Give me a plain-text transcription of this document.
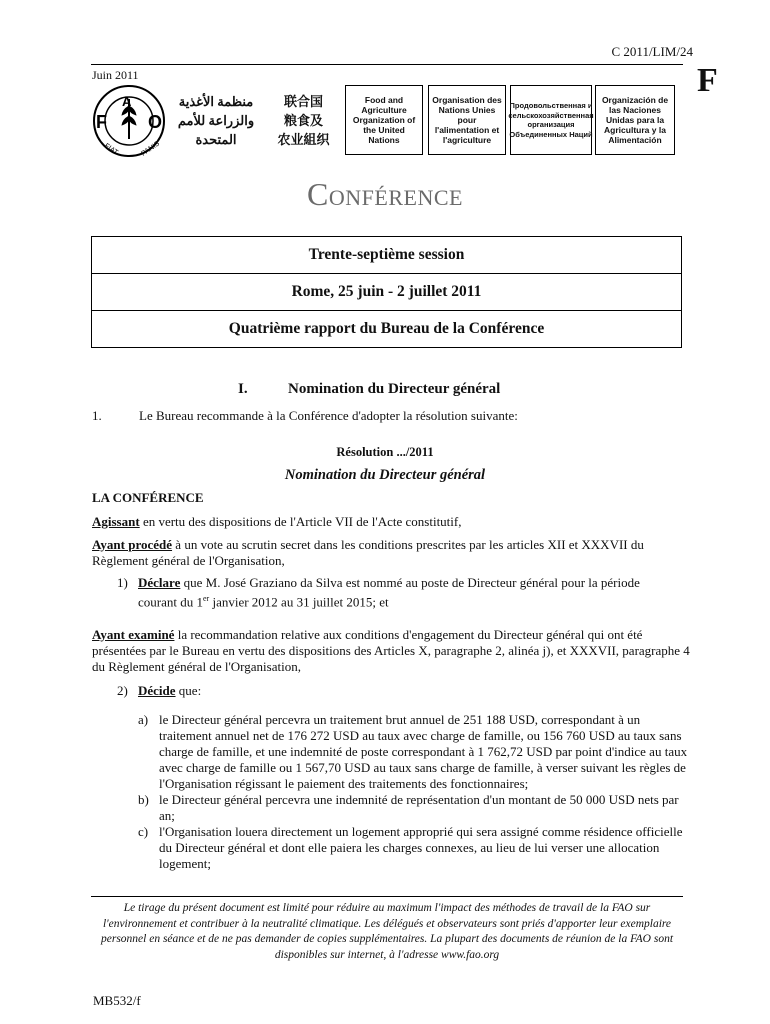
C 2011/LIM/24
Juin 2011	F
F
A
O
FIAT	PANIS
منظمة الأغذية
والزراعة للأمم
المتحدة
联合国
粮食及
农业組织
Food and Agriculture Organization of the United Nations
Organisation des Nations Unies pour l'alimentation et l'agriculture
Продовольственная и сельскохозяйственная организация Объединенных Наций
Organización de las Naciones Unidas para la Agricultura y la Alimentación
Conférence
Trente-septième session
Rome, 25 juin - 2 juillet 2011
Quatrième rapport du Bureau de la Conférence
I.	Nomination du Directeur général
1.	Le Bureau recommande à la Conférence d'adopter la résolution suivante:
Résolution .../2011
Nomination du Directeur général
LA CONFÉRENCE
Agissant en vertu des dispositions de l'Article VII de l'Acte constitutif,
Ayant procédé à un vote au scrutin secret dans les conditions prescrites par les articles XII et XXXVII du Règlement général de l'Organisation,
1) Déclare que M. José Graziano da Silva est nommé au poste de Directeur général pour la période courant du 1er janvier 2012 au 31 juillet 2015; et
Ayant examiné la recommandation relative aux conditions d'engagement du Directeur général qui ont été présentées par le Bureau en vertu des dispositions des Articles X, paragraphe 2, alinéa j), et XXXVII, paragraphe 4 du Règlement général de l'Organisation,
2) Décide que:
a) le Directeur général percevra un traitement brut annuel de 251 188 USD, correspondant à un traitement annuel net de 176 272 USD au taux avec charge de famille, ou 156 760 USD au taux sans charge de famille, et une indemnité de poste correspondant à 1 762,72 USD par point d'indice au taux avec charge de famille ou 1 567,70 USD au taux sans charge de famille, à verser suivant les règles de l'Organisation régissant le paiement des traitements des fonctionnaires;
b) le Directeur général percevra une indemnité de représentation d'un montant de 50 000 USD nets par an;
c) l'Organisation louera directement un logement approprié qui sera assigné comme résidence officielle du Directeur général et dont elle paiera les charges connexes, au lieu de lui verser une allocation logement;
Le tirage du présent document est limité pour réduire au maximum l'impact des méthodes de travail de la FAO sur l'environnement et contribuer à la neutralité climatique. Les délégués et observateurs sont priés d'apporter leur exemplaire personnel en séance et de ne pas demander de copies supplémentaires. La plupart des documents de réunion de la FAO sont disponibles sur internet, à l'adresse www.fao.org
MB532/f
